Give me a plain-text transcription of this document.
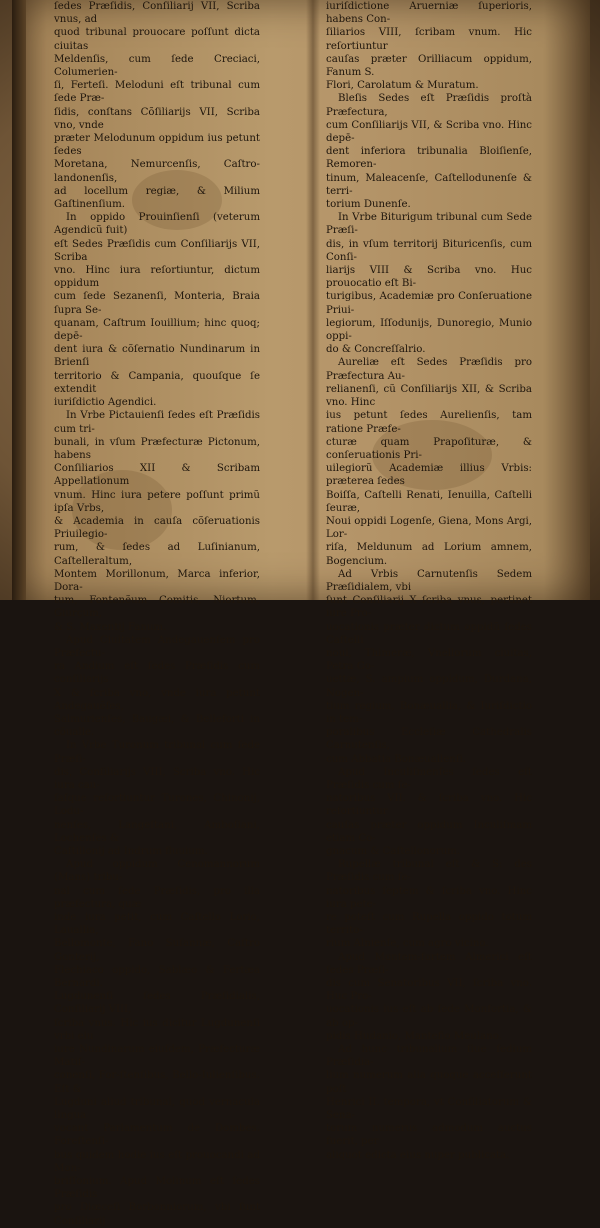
ſedes Præſidis, Conſiliarij VII, Scriba vnus, ad

quod tribunal prouocare poſſunt dicta ciuitas

Meldenſis, cum ſede Creciaci, Columerien-

ſi, Ferteſi. Meloduni eſt tribunal cum ſede Præ-

ſidis, conſtans Cõſiliarijs VII, Scriba vno, vnde

præter Melodunum oppidum ius petunt ſedes

Moretana, Nemurcenſis, Caſtro-landonenſis,

ad locellum regiæ, & Milium Gaſtinenſium.

In oppido Prouinſienſi (veterum Agendicũ fuit)

eſt Sedes Præſidis cum Conſiliarijs VII, Scriba

vno. Hinc iura reſortiuntur, dictum oppidum

cum ſede Sezanenſi, Monteria, Braia ſupra Se-

quanam, Caſtrum Iouillium; hinc quoq; depē-

dent iura & cõſernatio Nundinarum in Brienſi

territorio & Campania, quouſque ſe extendit

iuriſdictio Agendici.

In Vrbe Pictauienſi ſedes eſt Præſidis cum tri-

bunali, in vſum Præfecturæ Pictonum, habens

Conſiliarios XII & Scribam Appellationum

vnum. Hinc iura petere poſſunt primũ ipſa Vrbs,

& Academia in cauſa cõſeruationis Priuilegio-

rum, & ſedes ad Luſinianum, Caſtelleraltum,

Montem Morillonum, Marca inferior, Dora-

tum, Fontenẽum Comitis, Niortum, Giurçum,

& S. Maxentij Fanum.

Apud Ciuitatem Andegauenſem pro Præfectu-

ra Andium eſt ſedes Præſidis cum conſiliarijs

X & ſcriba vno, vnde iura petunt Andegauẽſes,

Salmurienſes, Baugæi, & Belleforti in cõualle.

In Vrbe Turonum tribunal cum ſede Præſi-

dis, Conſiliarijs VIII, Scriba vno. Hic iura cau-

ſaſque reſortiuntur Turones, Chinonij, Lodu-

nenſes, Langeſtani, Amboſiani, Lochenſes &

Caſtillonij ad Indrum fluuium.

Apud oppidum Cenomannorum (Mans) tribu-

nal cum ſede Præſidis, pro illa præfectura, quæ

inde iura petit, cum Caſtello Lorio, Lauallia,

Bellomonte, Fano Suſannæ, Caſtro Gonterij,

Flechiaco oppido, Sablæo & Fertæa Bernardi.

Lugdunenſi ſedes Præſidialis, Conſiliarij VIII,

ſcriba vnus. Hic ius dicitur Lugdunenſi vrbi eiu

iure Nundinarum eiuſdem, Præfecturæ Matiſ-

conenſi, For-ſtenſibus, Bello-Iulienſibus. Eſt &

Lugduni aliud tribunal, quod vernacula lingua

vocant Parlamentum de Dombes. Foreſtenſi-

bus quidem hodie ius eſt prouocandi ad Mon-

briſſonium. Apud Molinum eſt ſedes Præſidis

pro Diœceſi Borbonniorum, vbi ſunt Conſiliarij

iuriſdictione Aruerniæ ſuperioris, habens Con-

ſiliarios VIII, ſcribam vnum. Hic reſortiuntur

cauſas præter Orilliacum oppidum, Fanum S.

Flori, Carolatum & Muratum.

Bleſis Sedes eſt Præſidis proſtà Præfectura,

cum Conſiliarijs VII, & Scriba vno. Hinc depē-

dent inferiora tribunalia Bloiſienſe, Remoren-

tinum, Maleacenſe, Caſtellodunenſe & terri-

torium Dunenſe.

In Vrbe Biturigum tribunal cum Sede Præſi-

dis, in vſum territorij Bituricenſis, cum Conſi-

liarijs VIII & Scriba vno. Huc prouocatio eſt Bi-

turigibus, Academiæ pro Conſeruatione Priui-

legiorum, Iſſodunijs, Dunoregio, Munio oppi-

do & Concreſſalrio.

Aureliæ eſt Sedes Præſidis pro Præfectura Au-

relianenſi, cũ Conſiliarijs XII, & Scriba vno. Hinc

ius petunt ſedes Aurelienſis, tam ratione Præfe-

cturæ quam Prapoſituræ, & conſeruationis Pri-

uilegiorũ Academiæ illius Vrbis: præterea ſedes

Boiſſa, Caſtelli Renati, Ienuilla, Caſtelli ſeuræ,

Noui oppidi Logenſe, Giena, Mons Argi, Lor-

riſa, Meldunum ad Lorium amnem, Bogencium.

Ad Vrbis Carnutenſis Sedem Præſidialem, vbi

ſunt Conſiliarij X ſcriba vnus, pertinet iure Pro-

uocationis præter dictum oppidũ ſedes Caſtelli

noui, Thimeræ, Vnellorum ciuitas, Petra Go-

uettæ, S. ampium oppidum, Durdana, Nogen-

tium regium, Bonæuallia, & Iuriſdictio in tem-

poralibus Eccleſiæ Cathedralis Carnutenſis,

cum Abbatia Bonæuallenſi.

Apud Inculiſmenſes ſedes eſt Præſidis cum ſe-

natoribus VII. & ſcriba vno. Hic reſortiuntur

cauſas præter oppidum Inculiſmam etiam Co-

gnacum & Caſtellonorum.

Rupellæ tribunal eſt & S: des Præſidis cum ſe-

natoribus ſeptem & ſcriba vno. Hinc iura pete-

re poteſt cum Rupella oppido totum territo-

rium Alnienſe, cum agro vicino.

Apud Montem-fortem Almerici eſt ſedes Præſi-

dis cum Senatoribus VII, ſcriba vno. Huc Pro-

uocationis ius eſt ab ſede Monfortia, & ab op-

pidis Hudanio, Mantefio Meulano.

Ad hunc tribunalium ſiue ſedium Præſidia-

lium numerum alia quoque acceſſerunt poſt

Henrici II. tempora, vt Conſiliatorum & Sena-

torum numerus admodum auctus fuerit, per

aliquot edicta eius nuper publicata.
